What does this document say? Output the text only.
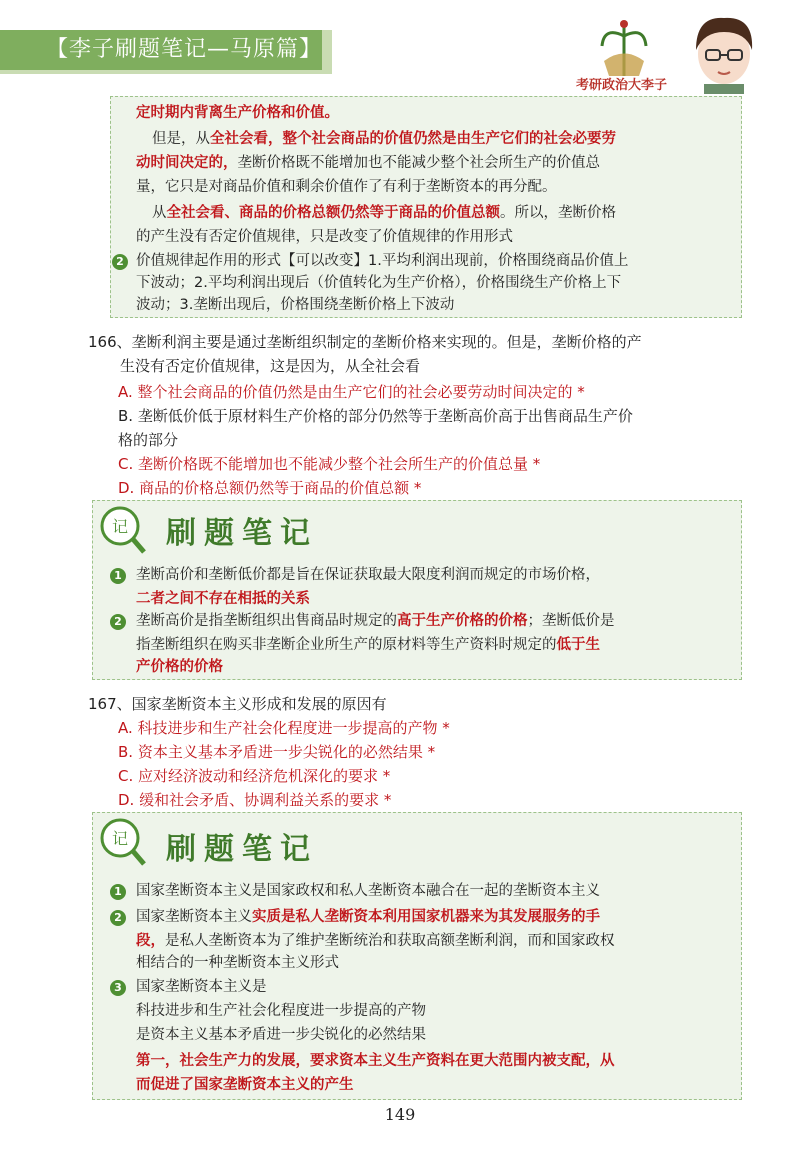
【李子刷题笔记—马原篇】
考研政治大李子
定时期内背离生产价格和价值。
但是，从全社会看，整个社会商品的价值仍然是由生产它们的社会必要劳
动时间决定的，垄断价格既不能增加也不能减少整个社会所生产的价值总
量，它只是对商品价值和剩余价值作了有利于垄断资本的再分配。
从全社会看、商品的价格总额仍然等于商品的价值总额。所以，垄断价格
的产生没有否定价值规律，只是改变了价值规律的作用形式
2 价值规律起作用的形式【可以改变】1.平均利润出现前，价格围绕商品价值上
下波动；2.平均利润出现后（价值转化为生产价格），价格围绕生产价格上下
波动；3.垄断出现后，价格围绕垄断价格上下波动
166、垄断利润主要是通过垄断组织制定的垄断价格来实现的。但是，垄断价格的产
生没有否定价值规律，这是因为，从全社会看
A. 整个社会商品的价值仍然是由生产它们的社会必要劳动时间决定的 *
B. 垄断低价低于原材料生产价格的部分仍然等于垄断高价高于出售商品生产价
格的部分
C. 垄断价格既不能增加也不能减少整个社会所生产的价值总量 *
D. 商品的价格总额仍然等于商品的价值总额 *
记 刷题笔记
1 垄断高价和垄断低价都是旨在保证获取最大限度利润而规定的市场价格，
二者之间不存在相抵的关系
2 垄断高价是指垄断组织出售商品时规定的高于生产价格的价格；垄断低价是
指垄断组织在购买非垄断企业所生产的原材料等生产资料时规定的低于生
产价格的价格
167、国家垄断资本主义形成和发展的原因有
A. 科技进步和生产社会化程度进一步提高的产物 *
B. 资本主义基本矛盾进一步尖锐化的必然结果 *
C. 应对经济波动和经济危机深化的要求 *
D. 缓和社会矛盾、协调利益关系的要求 *
记 刷题笔记
1 国家垄断资本主义是国家政权和私人垄断资本融合在一起的垄断资本主义
2 国家垄断资本主义实质是私人垄断资本利用国家机器来为其发展服务的手
段，是私人垄断资本为了维护垄断统治和获取高额垄断利润，而和国家政权
相结合的一种垄断资本主义形式
3 国家垄断资本主义是
科技进步和生产社会化程度进一步提高的产物
是资本主义基本矛盾进一步尖锐化的必然结果
第一，社会生产力的发展，要求资本主义生产资料在更大范围内被支配，从
而促进了国家垄断资本主义的产生
149
